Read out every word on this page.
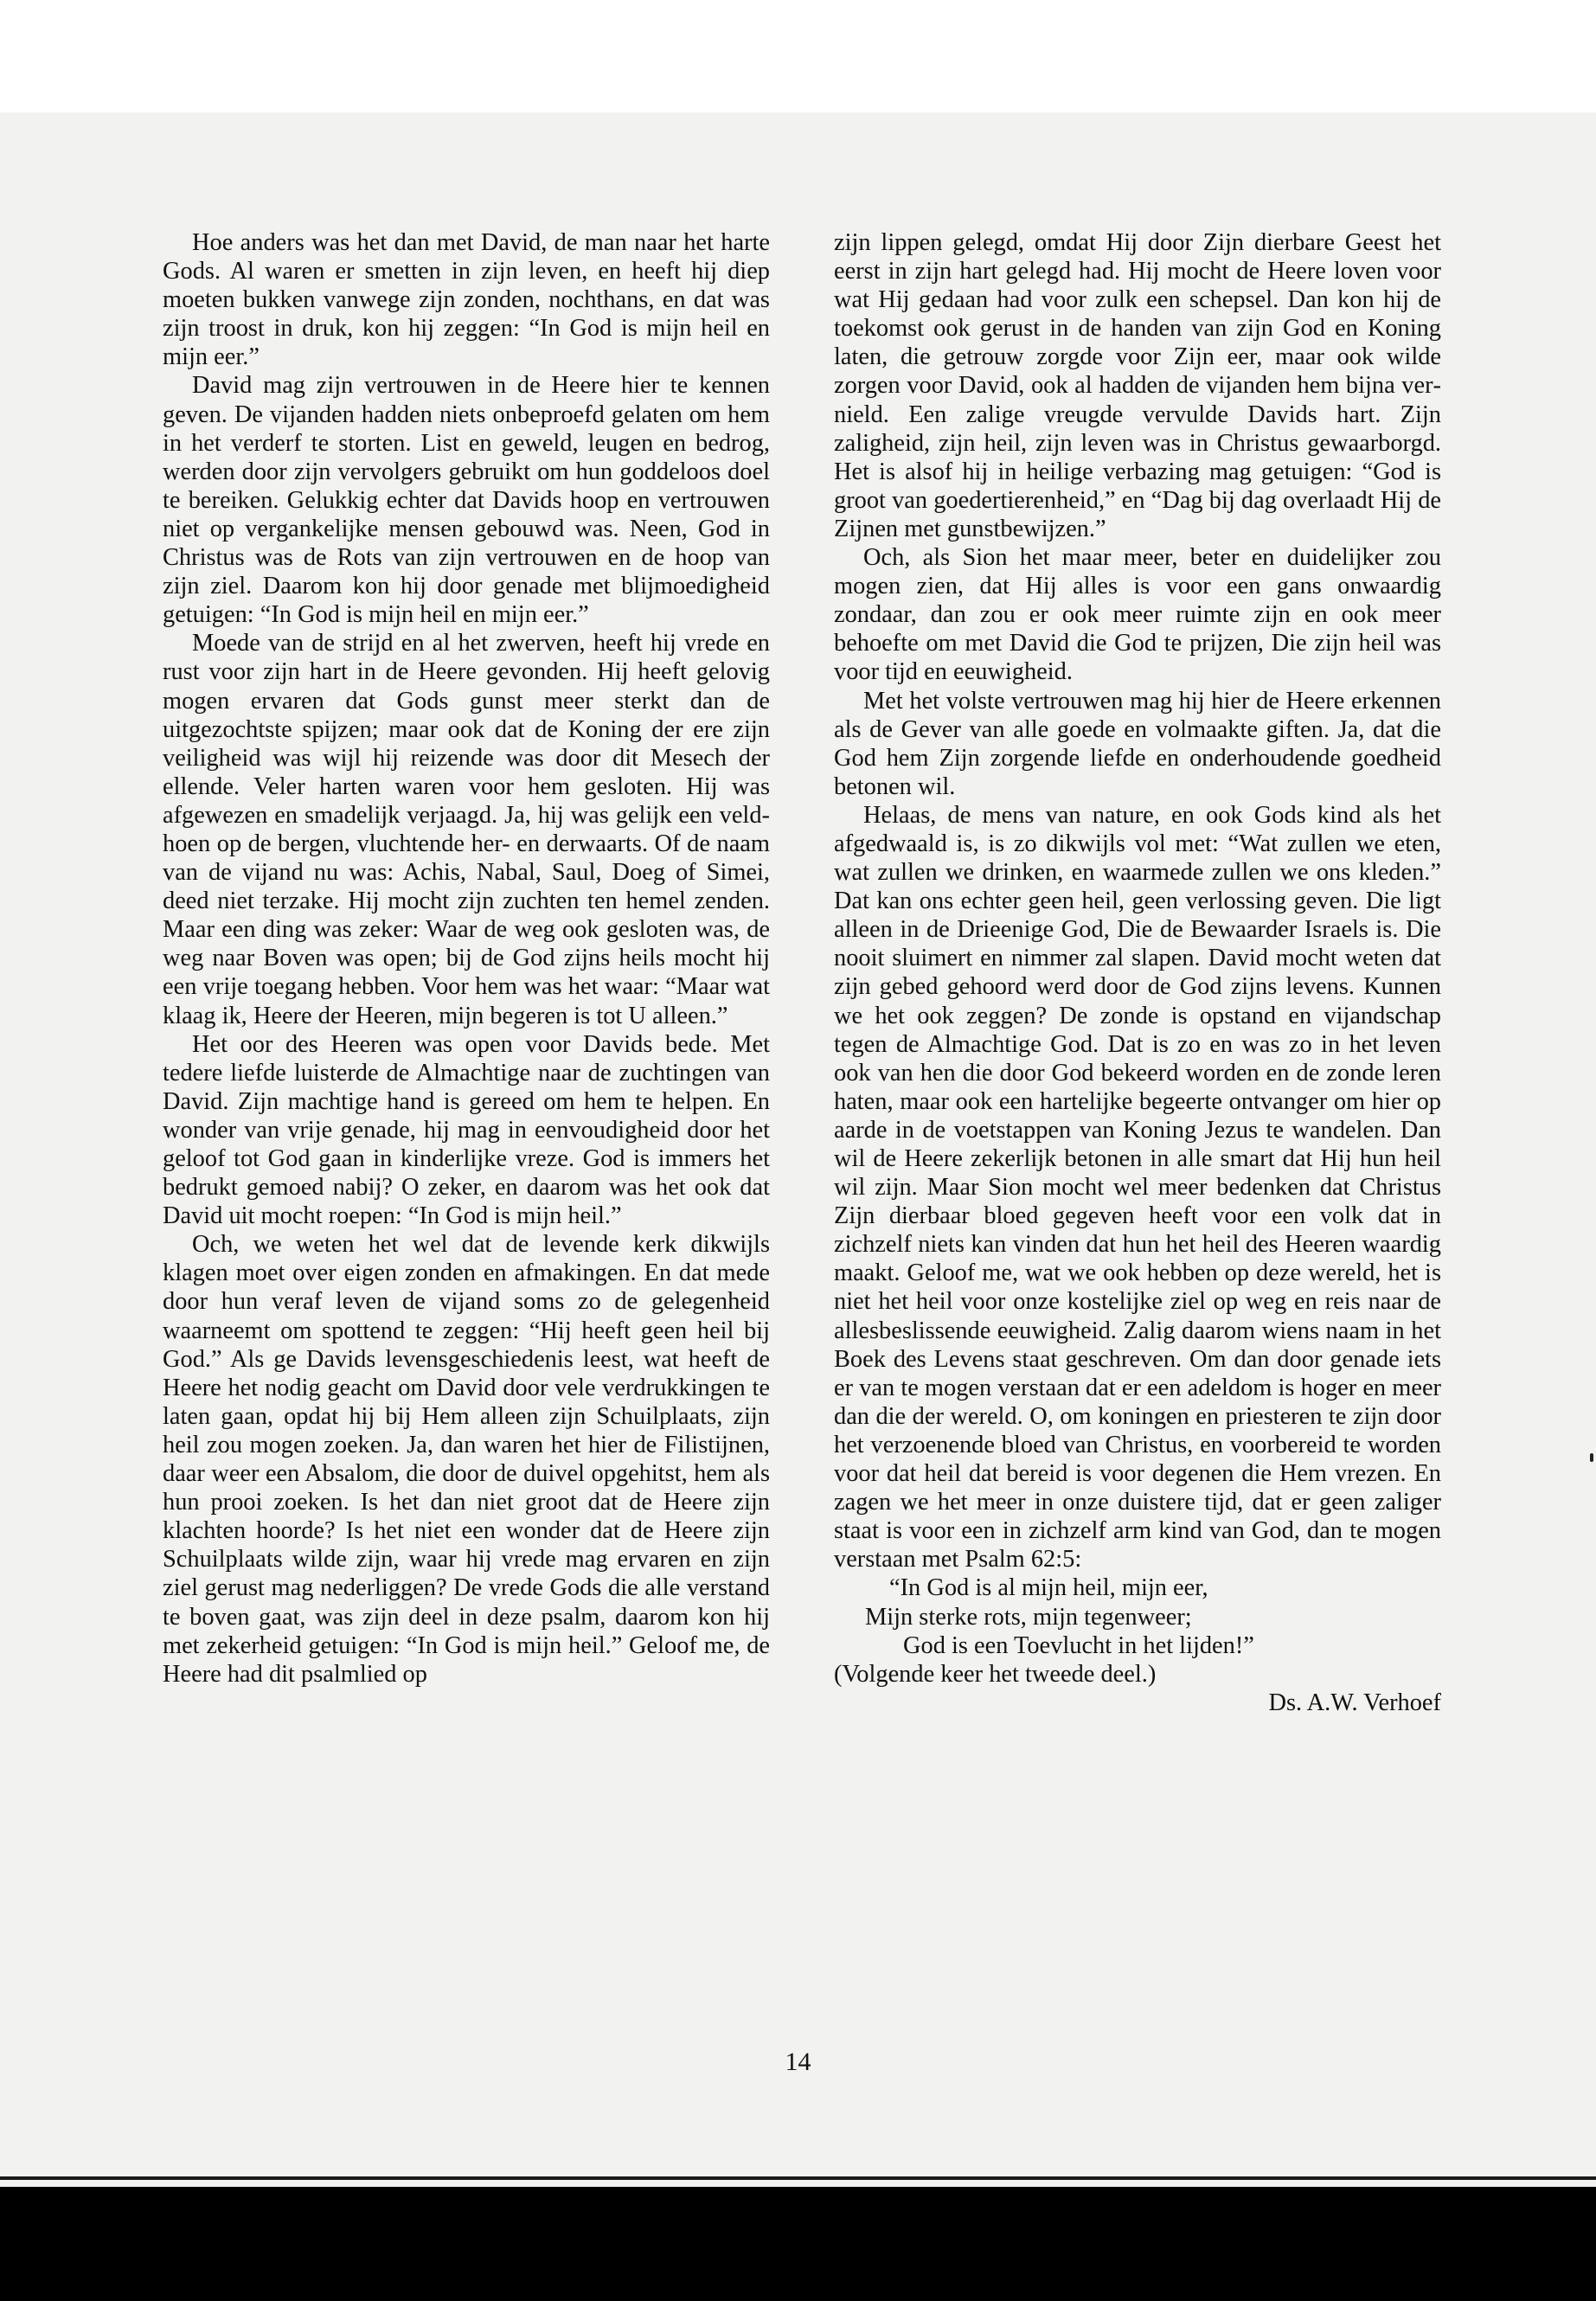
Hoe anders was het dan met David, de man naar het harte Gods. Al waren er smetten in zijn leven, en heeft hij diep moeten bukken vanwege zijn zonden, nochthans, en dat was zijn troost in druk, kon hij zeggen: “In God is mijn heil en mijn eer.”

David mag zijn vertrouwen in de Heere hier te kennen geven. De vijanden hadden niets onbeproefd gelaten om hem in het verderf te storten. List en geweld, leugen en bedrog, werden door zijn vervolgers gebruikt om hun goddeloos doel te bereiken. Gelukkig echter dat Davids hoop en vertrouwen niet op vergankelijke mensen gebouwd was. Neen, God in Christus was de Rots van zijn vertrouwen en de hoop van zijn ziel. Daarom kon hij door genade met blijmoedigheid getuigen: “In God is mijn heil en mijn eer.”

Moede van de strijd en al het zwerven, heeft hij vrede en rust voor zijn hart in de Heere gevonden. Hij heeft gelovig mogen ervaren dat Gods gunst meer sterkt dan de uitgezochtste spijzen; maar ook dat de Koning der ere zijn veiligheid was wijl hij reizende was door dit Mesech der ellende. Veler harten waren voor hem gesloten. Hij was afgewezen en smadelijk verjaagd. Ja, hij was gelijk een veldhoen op de bergen, vluchtende her- en derwaarts. Of de naam van de vijand nu was: Achis, Nabal, Saul, Doeg of Simei, deed niet terzake. Hij mocht zijn zuchten ten hemel zenden. Maar een ding was zeker: Waar de weg ook gesloten was, de weg naar Boven was open; bij de God zijns heils mocht hij een vrije toegang hebben. Voor hem was het waar: “Maar wat klaag ik, Heere der Heeren, mijn begeren is tot U alleen.”

Het oor des Heeren was open voor Davids bede. Met tedere liefde luisterde de Almachtige naar de zuchtingen van David. Zijn machtige hand is gereed om hem te helpen. En wonder van vrije genade, hij mag in eenvoudigheid door het geloof tot God gaan in kinderlijke vreze. God is immers het bedrukt gemoed nabij? O zeker, en daarom was het ook dat David uit mocht roepen: “In God is mijn heil.”

Och, we weten het wel dat de levende kerk dikwijls klagen moet over eigen zonden en afmakingen. En dat mede door hun veraf leven de vijand soms zo de gelegenheid waarneemt om spottend te zeggen: “Hij heeft geen heil bij God.” Als ge Davids levensgeschiedenis leest, wat heeft de Heere het nodig geacht om David door vele verdrukkingen te laten gaan, opdat hij bij Hem alleen zijn Schuilplaats, zijn heil zou mogen zoeken. Ja, dan waren het hier de Filistijnen, daar weer een Absalom, die door de duivel opgehitst, hem als hun prooi zoeken. Is het dan niet groot dat de Heere zijn klachten hoorde? Is het niet een wonder dat de Heere zijn Schuilplaats wilde zijn, waar hij vrede mag ervaren en zijn ziel gerust mag nederliggen? De vrede Gods die alle verstand te boven gaat, was zijn deel in deze psalm, daarom kon hij met zekerheid getuigen: “In God is mijn heil.” Geloof me, de Heere had dit psalmlied op

zijn lippen gelegd, omdat Hij door Zijn dierbare Geest het eerst in zijn hart gelegd had. Hij mocht de Heere loven voor wat Hij gedaan had voor zulk een schepsel. Dan kon hij de toekomst ook gerust in de handen van zijn God en Koning laten, die getrouw zorgde voor Zijn eer, maar ook wilde zorgen voor David, ook al hadden de vijanden hem bijna vernield. Een zalige vreugde vervulde Davids hart. Zijn zaligheid, zijn heil, zijn leven was in Christus gewaarborgd. Het is alsof hij in heilige verbazing mag getuigen: “God is groot van goedertierenheid,” en “Dag bij dag overlaadt Hij de Zijnen met gunstbewijzen.”

Och, als Sion het maar meer, beter en duidelijker zou mogen zien, dat Hij alles is voor een gans onwaardig zondaar, dan zou er ook meer ruimte zijn en ook meer behoefte om met David die God te prijzen, Die zijn heil was voor tijd en eeuwigheid.

Met het volste vertrouwen mag hij hier de Heere erkennen als de Gever van alle goede en volmaakte giften. Ja, dat die God hem Zijn zorgende liefde en onderhoudende goedheid betonen wil.

Helaas, de mens van nature, en ook Gods kind als het afgedwaald is, is zo dikwijls vol met: “Wat zullen we eten, wat zullen we drinken, en waarmede zullen we ons kleden.” Dat kan ons echter geen heil, geen verlossing geven. Die ligt alleen in de Drieenige God, Die de Bewaarder Israels is. Die nooit sluimert en nimmer zal slapen. David mocht weten dat zijn gebed gehoord werd door de God zijns levens. Kunnen we het ook zeggen? De zonde is opstand en vijandschap tegen de Almachtige God. Dat is zo en was zo in het leven ook van hen die door God bekeerd worden en de zonde leren haten, maar ook een hartelijke begeerte ontvanger om hier op aarde in de voetstappen van Koning Jezus te wandelen. Dan wil de Heere zekerlijk betonen in alle smart dat Hij hun heil wil zijn. Maar Sion mocht wel meer bedenken dat Christus Zijn dierbaar bloed gegeven heeft voor een volk dat in zichzelf niets kan vinden dat hun het heil des Heeren waardig maakt. Geloof me, wat we ook hebben op deze wereld, het is niet het heil voor onze kostelijke ziel op weg en reis naar de allesbeslissende eeuwigheid. Zalig daarom wiens naam in het Boek des Levens staat geschreven. Om dan door genade iets er van te mogen verstaan dat er een adeldom is hoger en meer dan die der wereld. O, om koningen en priesteren te zijn door het verzoenende bloed van Christus, en voorbereid te worden voor dat heil dat bereid is voor degenen die Hem vrezen. En zagen we het meer in onze duistere tijd, dat er geen zaliger staat is voor een in zichzelf arm kind van God, dan te mogen verstaan met Psalm 62:5:

“In God is al mijn heil, mijn eer,
Mijn sterke rots, mijn tegenweer;
God is een Toevlucht in het lijden!”

(Volgende keer het tweede deel.)

Ds. A.W. Verhoef

14
